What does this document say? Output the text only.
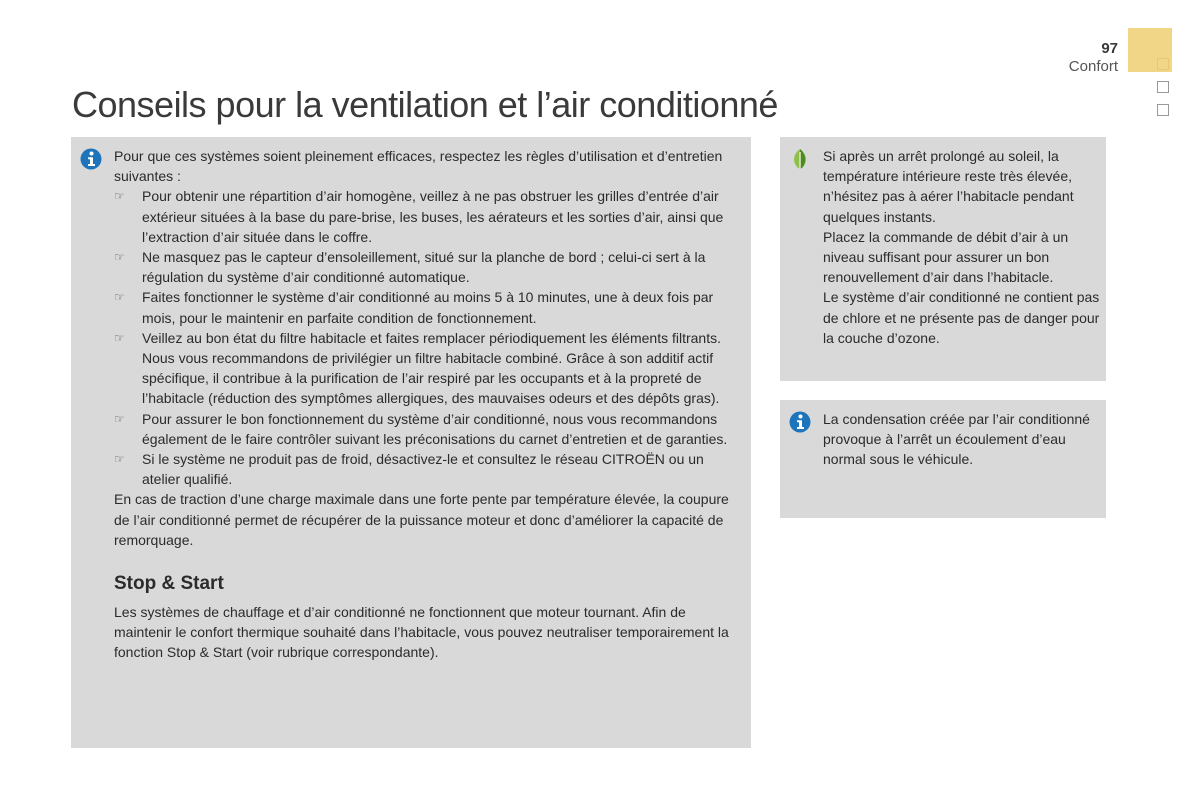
97
Confort
Conseils pour la ventilation et l’air conditionné

Pour que ces systèmes soient pleinement efficaces, respectez les règles d’utilisation et d’entretien suivantes :

☞ Pour obtenir une répartition d’air homogène, veillez à ne pas obstruer les grilles d’entrée d’air extérieur situées à la base du pare-brise, les buses, les aérateurs et les sorties d’air, ainsi que l’extraction d’air située dans le coffre.
☞ Ne masquez pas le capteur d’ensoleillement, situé sur la planche de bord ; celui-ci sert à la régulation du système d’air conditionné automatique.
☞ Faites fonctionner le système d’air conditionné au moins 5 à 10 minutes, une à deux fois par mois, pour le maintenir en parfaite condition de fonctionnement.
☞ Veillez au bon état du filtre habitacle et faites remplacer périodiquement les éléments filtrants.

Nous vous recommandons de privilégier un filtre habitacle combiné. Grâce à son additif actif spécifique, il contribue à la purification de l’air respiré par les occupants et à la propreté de l’habitacle (réduction des symptômes allergiques, des mauvaises odeurs et des dépôts gras).

☞ Pour assurer le bon fonctionnement du système d’air conditionné, nous vous recommandons également de le faire contrôler suivant les préconisations du carnet d’entretien et de garanties.
☞ Si le système ne produit pas de froid, désactivez-le et consultez le réseau CITROËN ou un atelier qualifié.

En cas de traction d’une charge maximale dans une forte pente par température élevée, la coupure de l’air conditionné permet de récupérer de la puissance moteur et donc d’améliorer la capacité de remorquage.

Stop & Start

Les systèmes de chauffage et d’air conditionné ne fonctionnent que moteur tournant. Afin de maintenir le confort thermique souhaité dans l’habitacle, vous pouvez neutraliser temporairement la fonction Stop & Start (voir rubrique correspondante).

Si après un arrêt prolongé au soleil, la température intérieure reste très élevée, n’hésitez pas à aérer l’habitacle pendant quelques instants.

Placez la commande de débit d’air à un niveau suffisant pour assurer un bon renouvellement d’air dans l’habitacle.

Le système d’air conditionné ne contient pas de chlore et ne présente pas de danger pour la couche d’ozone.

La condensation créée par l’air conditionné provoque à l’arrêt un écoulement d’eau normal sous le véhicule.
